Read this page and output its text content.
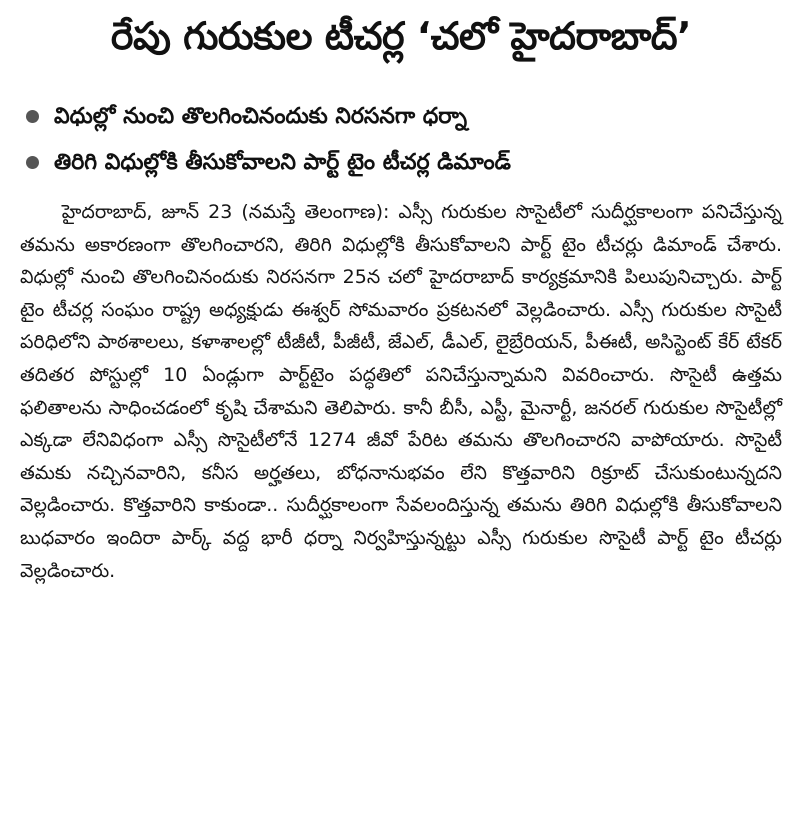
రేపు గురుకుల టీచర్ల ‘చలో హైదరాబాద్’
విధుల్లో నుంచి తొలగించినందుకు నిరసనగా ధర్నా
తిరిగి విధుల్లోకి తీసుకోవాలని పార్ట్ టైం టీచర్ల డిమాండ్

హైదరాబాద్, జూన్ 23 (నమస్తే తెలంగాణ): ఎస్సీ గురుకుల సొసైటీలో సుదీర్ఘకాలంగా పనిచేస్తున్న తమను అకారణంగా తొలగించారని, తిరిగి విధుల్లోకి తీసుకోవాలని పార్ట్ టైం టీచర్లు డిమాండ్ చేశారు. విధుల్లో నుంచి తొలగించినందుకు నిరసనగా 25న చలో హైదరాబాద్ కార్యక్రమానికి పిలుపునిచ్చారు. పార్ట్ టైం టీచర్ల సంఘం రాష్ట్ర అధ్యక్షుడు ఈశ్వర్ సోమవారం ప్రకటనలో వెల్లడించారు. ఎస్సీ గురుకుల సొసైటీ పరిధిలోని పాఠశాలలు, కళాశాలల్లో టీజీటీ, పీజీటీ, జేఎల్, డీఎల్, లైబ్రేరియన్, పీఈటీ, అసిస్టెంట్ కేర్ టేకర్ తదితర పోస్టుల్లో 10 ఏండ్లుగా పార్ట్‌టైం పద్ధతిలో పనిచేస్తున్నామని వివరించారు. సొసైటీ ఉత్తమ ఫలితాలను సాధించడంలో కృషి చేశామని తెలిపారు. కానీ బీసీ, ఎస్టీ, మైనార్టీ, జనరల్ గురుకుల సొసైటీల్లో ఎక్కడా లేనివిధంగా ఎస్సీ సొసైటీలోనే 1274 జీవో పేరిట తమను తొలగించారని వాపోయారు. సొసైటీ తమకు నచ్చినవారిని, కనీస అర్హతలు, బోధనానుభవం లేని కొత్తవారిని రిక్రూట్ చేసుకుంటున్నదని వెల్లడించారు. కొత్తవారిని కాకుండా.. సుదీర్ఘకాలంగా సేవలందిస్తున్న తమను తిరిగి విధుల్లోకి తీసుకోవాలని బుధవారం ఇందిరా పార్క్ వద్ద భారీ ధర్నా నిర్వహిస్తున్నట్టు ఎస్సీ గురుకుల సొసైటీ పార్ట్ టైం టీచర్లు వెల్లడించారు.
